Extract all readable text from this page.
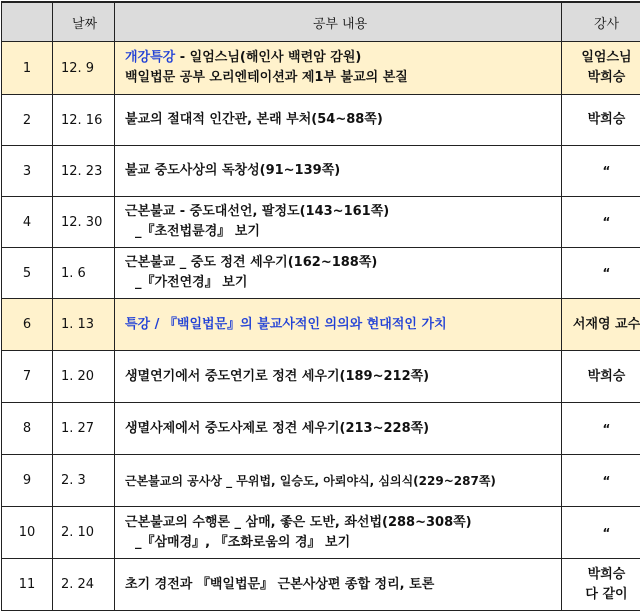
	날짜	공부 내용	강사
1	12. 9	개강특강 - 일엄스님(해인사 백련암 감원)
백일법문 공부 오리엔테이션과 제1부 불교의 본질	일엄스님
박희승

2	12. 16	불교의 절대적 인간관, 본래 부처(54~88쪽)	박희승

3	12. 23	불교 중도사상의 독창성(91~139쪽)	“

4	12. 30	근본불교 - 중도대선언, 팔정도(143~161쪽)
_『초전법륜경』 보기	“

5	1. 6	근본불교 _ 중도 정견 세우기(162~188쪽)
_『가전연경』 보기	“

6	1. 13	특강 / 『백일법문』의 불교사적인 의의와 현대적인 가치	서재영 교수

7	1. 20	생멸연기에서 중도연기로 정견 세우기(189~212쪽)	박희승

8	1. 27	생멸사제에서 중도사제로 정견 세우기(213~228쪽)	“

9	2. 3	근본불교의 공사상 _ 무위법, 일승도, 아뢰야식, 심의식(229~287쪽)	“

10	2. 10	근본불교의 수행론 _ 삼매, 좋은 도반, 좌선법(288~308쪽)
_『삼매경』, 『조화로움의 경』 보기	“

11	2. 24	초기 경전과 『백일법문』 근본사상편 종합 정리, 토론	박희승
다 같이
